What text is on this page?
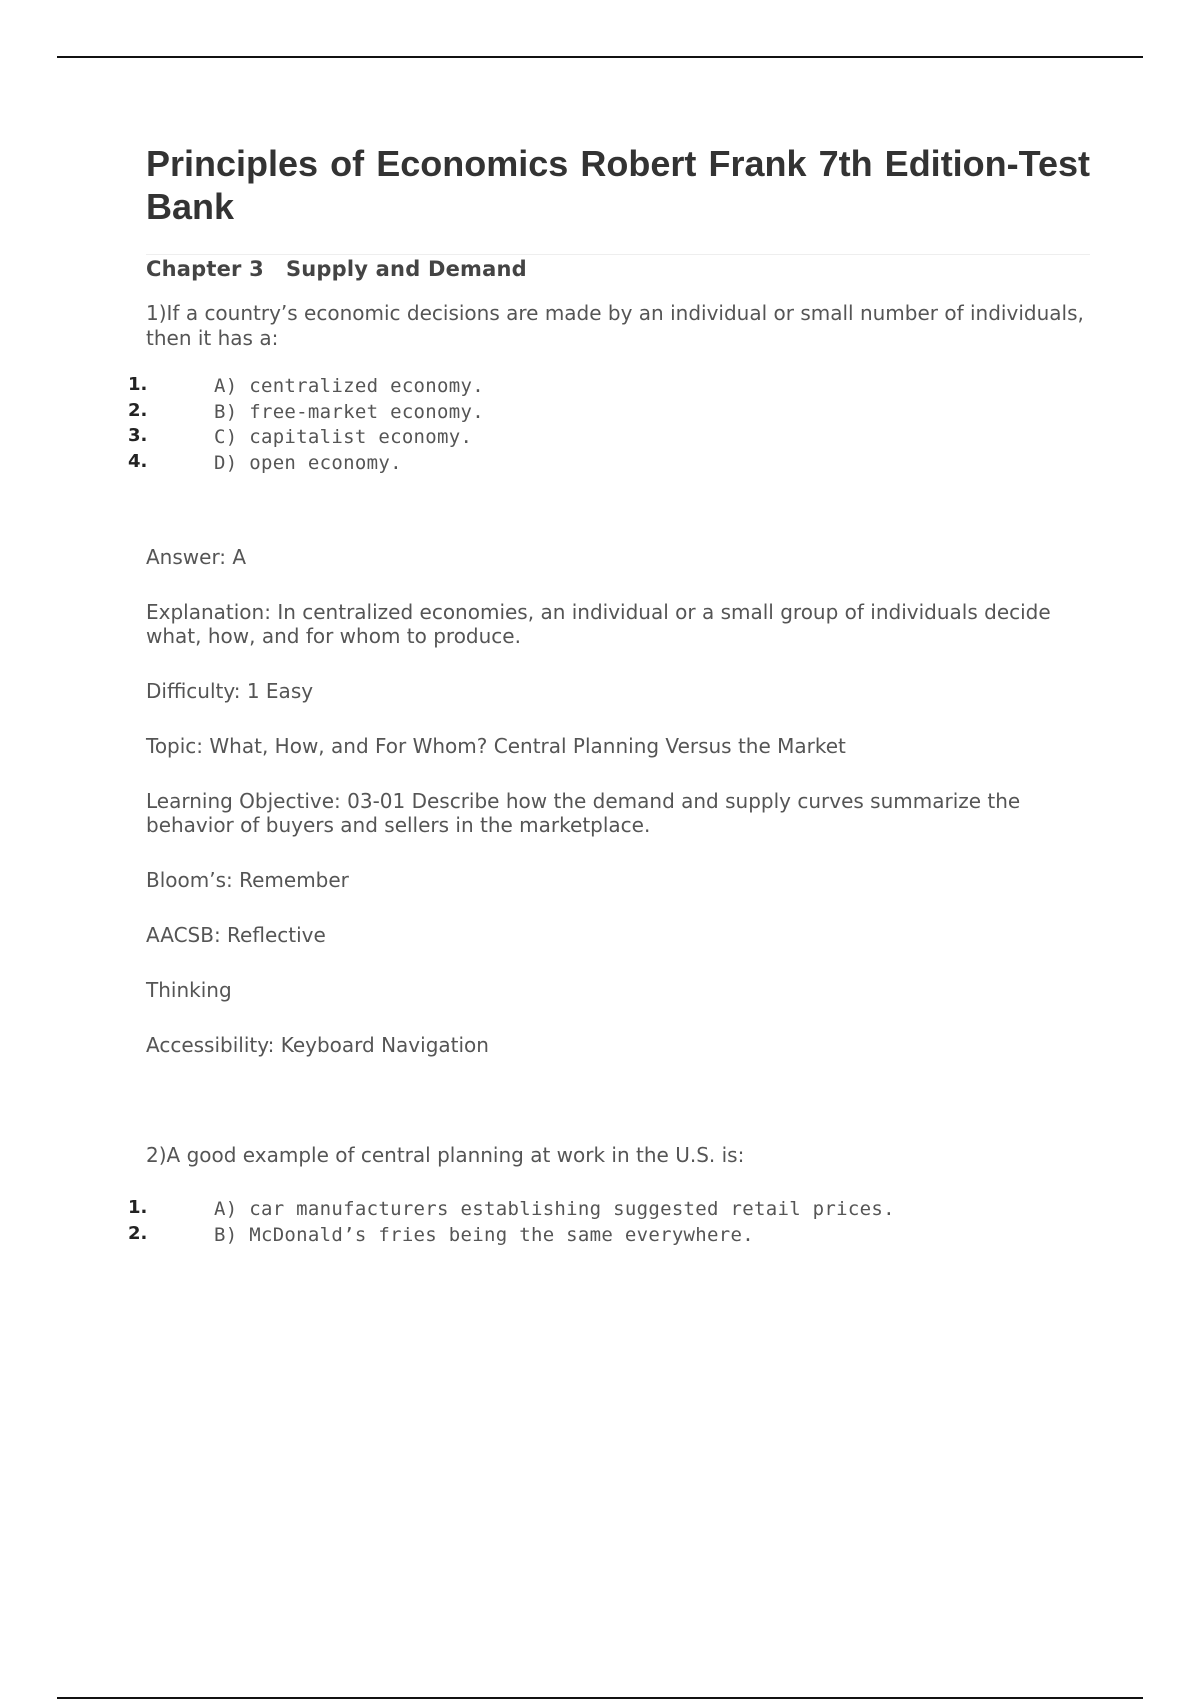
Principles of Economics Robert Frank 7th Edition-Test Bank

Chapter 3 Supply and Demand

1)If a country’s economic decisions are made by an individual or small number of individuals, then it has a:

1.	A) centralized economy.
2.	B) free-market economy.
3.	C) capitalist economy.
4.	D) open economy.

Answer: A

Explanation: In centralized economies, an individual or a small group of individuals decide what, how, and for whom to produce.

Difficulty: 1 Easy

Topic: What, How, and For Whom? Central Planning Versus the Market

Learning Objective: 03-01 Describe how the demand and supply curves summarize the behavior of buyers and sellers in the marketplace.

Bloom’s: Remember

AACSB: Reflective

Thinking

Accessibility: Keyboard Navigation

2)A good example of central planning at work in the U.S. is:

1.	A) car manufacturers establishing suggested retail prices.
2.	B) McDonald’s fries being the same everywhere.
